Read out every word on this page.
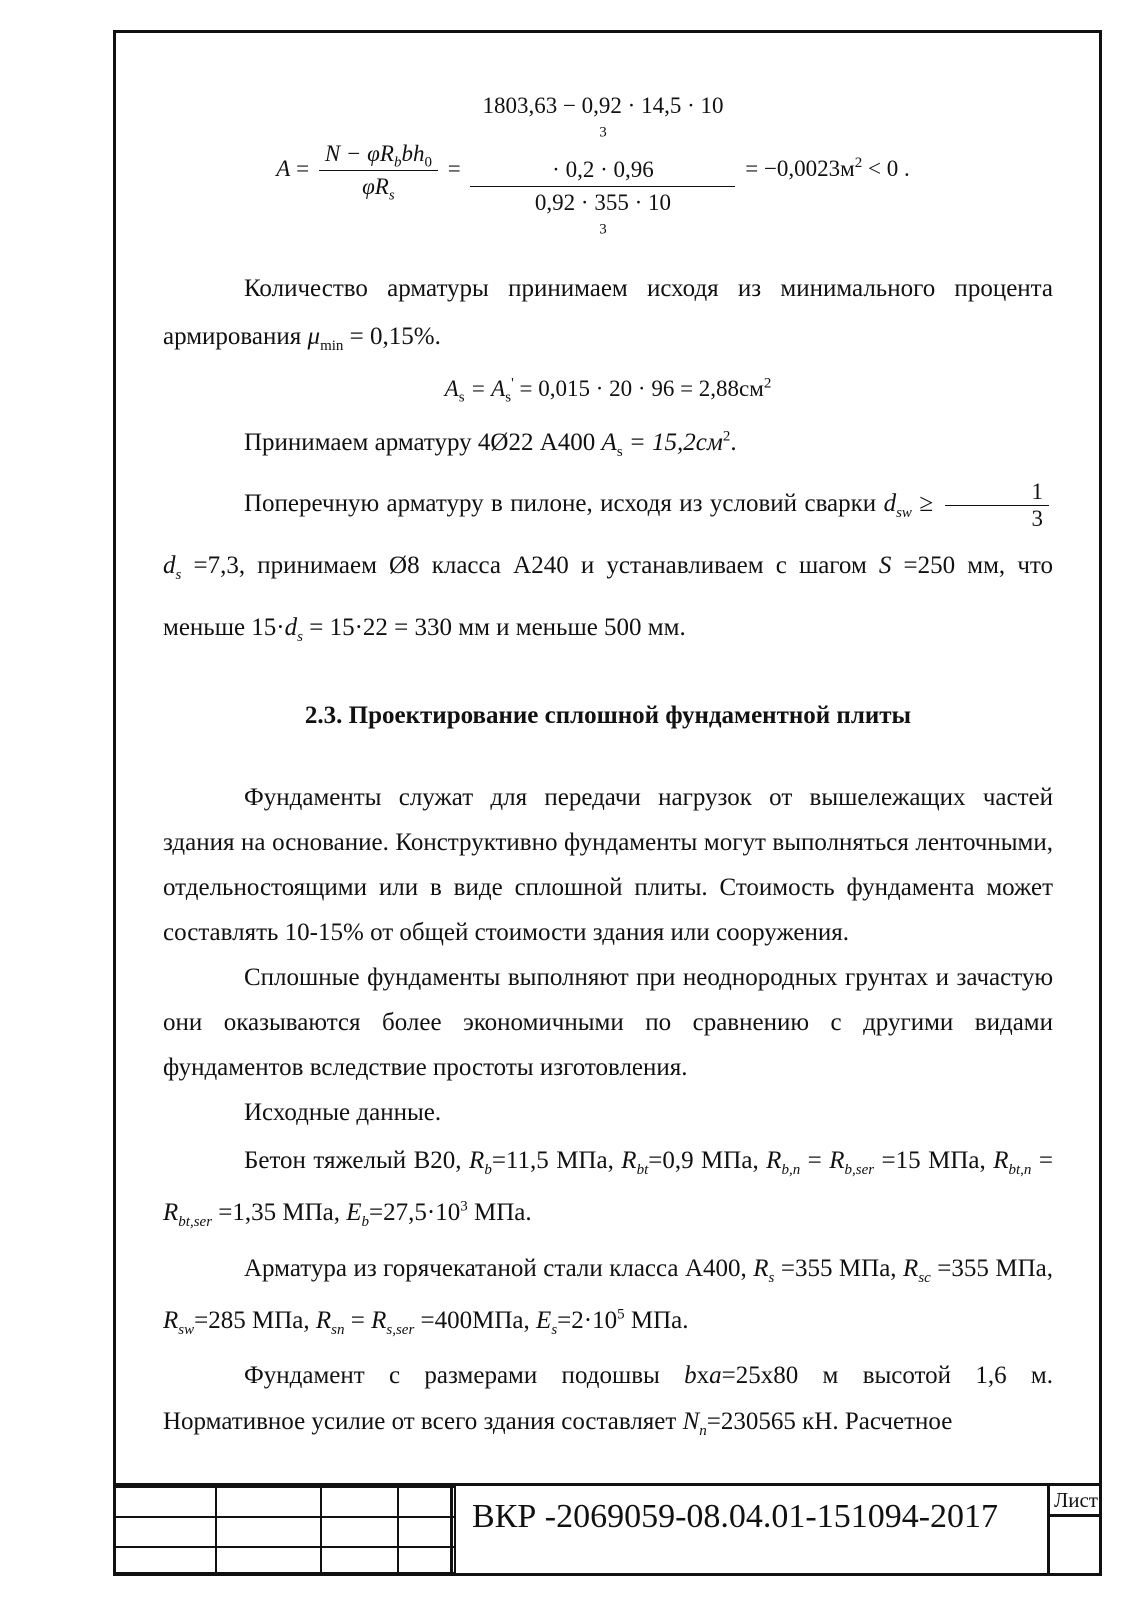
$A = \frac{N - \varphi R_bbh_0}{\varphi R_s} = 1803,63 - 0,92 \cdot 14,5 \cdot 10$
$^3$
· 0,2 · 0,96
0,92 · 355 · 10
$^3 = -0,0023м^2 < 0$ .

Количество арматуры принимаем исходя из минимального процента армирования $\mu_{min} = 0,15\%$.

$A_s = A_s' = 0,015 \cdot 20 \cdot 96 = 2,88см^2$

Принимаем арматуру 4Ø22 А400 $A_s = 15,2см^2$.

Поперечную арматуру в пилоне, исходя из условий сварки $d_{sw} \ge \frac{1}{3}$
$d_s =7,3$, принимаем Ø8 класса А240 и устанавливаем с шагом S =250 мм, что меньше $15\cdot d_s = 15\cdot 22 = 330$ мм и меньше 500 мм.

2.3. Проектирование сплошной фундаментной плиты

Фундаменты служат для передачи нагрузок от вышележащих частей здания на основание. Конструктивно фундаменты могут выполняться ленточными, отдельностоящими или в виде сплошной плиты. Стоимость фундамента может составлять 10-15% от общей стоимости здания или сооружения.

Сплошные фундаменты выполняют при неоднородных грунтах и зачастую они оказываются более экономичными по сравнению с другими видами фундаментов вследствие простоты изготовления.

Исходные данные.

Бетон тяжелый В20, $R_b=11,5$ МПа, $R_{bt}=0,9$ МПа, $R_{b,n} = R_{b,ser} =15$ МПа, $R_{bt,n} = R_{bt,ser} =1,35$ МПа, $E_b=27,5\cdot 10^3$ МПа.

Арматура из горячекатаной стали класса А400, $R_s =355$ МПа, $R_{sc} =355$ МПа, $R_{sw}=285$ МПа, $R_{sn} = R_{s,ser} =400МПа$, $E_s=2\cdot 10^5$ МПа.

Фундамент с размерами подошвы bхa=25х80 м высотой 1,6 м. Нормативное усилие от всего здания составляет $N_n=230565$ кН. Расчетное

ВКР -2069059-08.04.01-151094-2017	Лист
